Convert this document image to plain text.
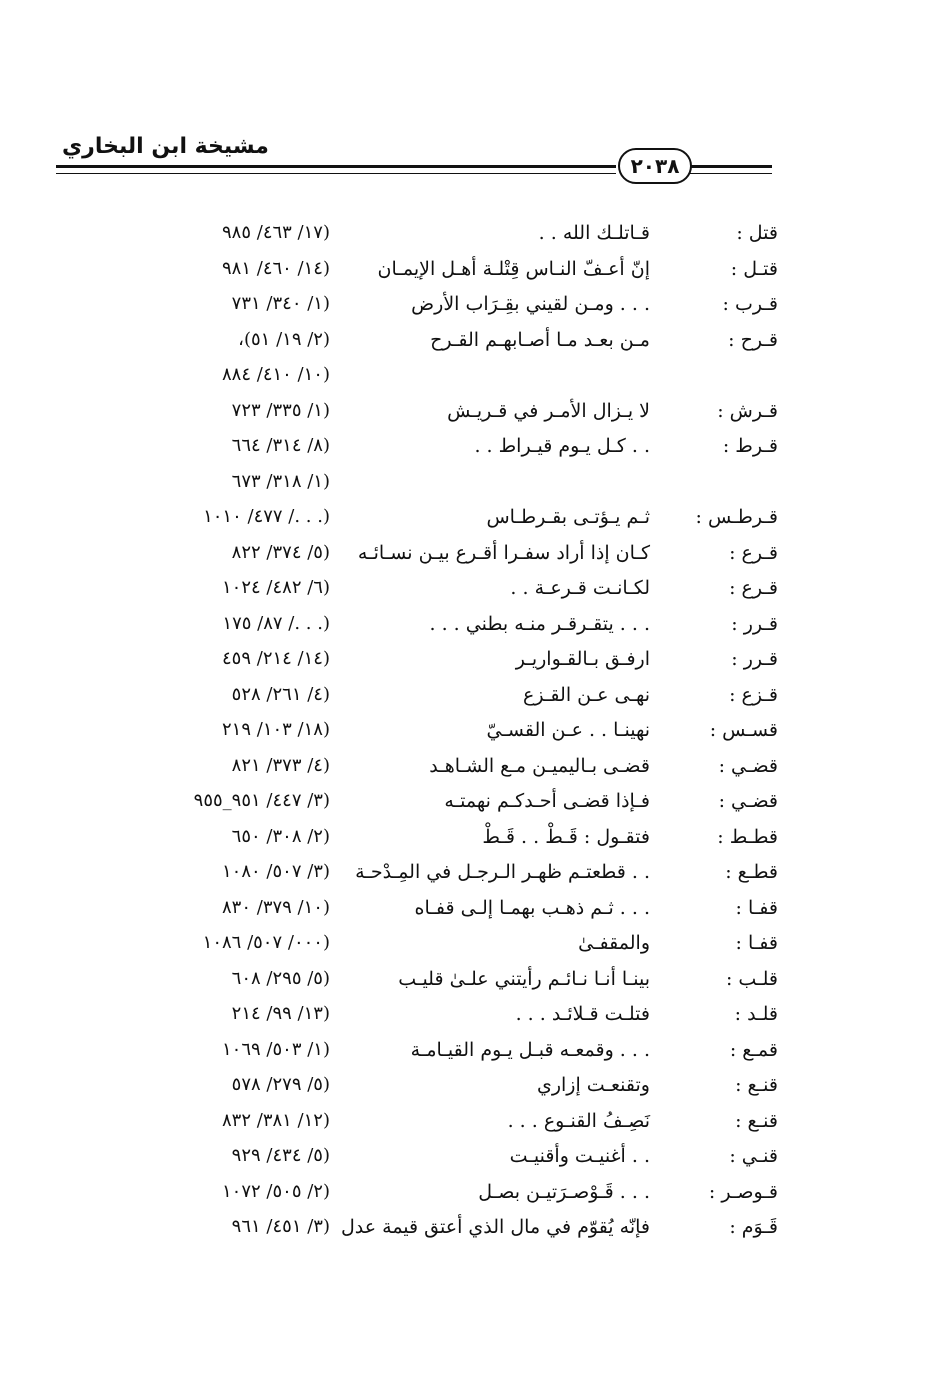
مشيخة ابن البخاري
٢٠٣٨
قتل :
قـاتلـك الله . .
(١٧/ ٤٦٣/ ٩٨٥
قتـل :
إنّ أعـفّ النـاس قِتْلـة أهـل الإيمـان
(١٤/ ٤٦٠/ ٩٨١
قـرب :
. . . ومـن لقيني بقِـرَاب الأرض
(١/ ٣٤٠/ ٧٣١
قـرح :
مـن بعـد مـا أصـابهـم القـرح
(٢/ ١٩/ ٥١)،
(١٠/ ٤١٠/ ٨٨٤
قـرش :
لا يـزال الأمـر في قـريـش
(١/ ٣٣٥/ ٧٢٣
قـرط :
. . كـل يـوم قيـراط . .
(٨/ ٣١٤/ ٦٦٤
(١/ ٣١٨/ ٦٧٣
قـرطـس :
ثـم يـؤتـى بقـرطـاس
(. . ./ ٤٧٧/ ١٠١٠
قـرع :
كـان إذا أراد سفـرا أقـرع بيـن نسـائـه
(٥/ ٣٧٤/ ٨٢٢
قـرع :
لكـانـت قـرعـة . .
(٦/ ٤٨٢/ ١٠٢٤
قـرر :
. . . يتقـرقـر منـه بطني . . .
(. . ./ ٨٧/ ١٧٥
قـرر :
ارفـق بـالقـواريـر
(١٤/ ٢١٤/ ٤٥٩
قـزع :
نهـى عـن القـزع
(٤/ ٢٦١/ ٥٢٨
قسـس :
نهينـا . . عـن القسـيّ
(١٨/ ١٠٣/ ٢١٩
قضـي :
قضـى بـاليميـن مـع الشـاهـد
(٤/ ٣٧٣/ ٨٢١
قضـي :
فـإذا قضـى أحـدكـم نهمتـه
(٣/ ٤٤٧/ ٩٥١_٩٥٥
قطـط :
فتقـول : قَـطْ . . قَـطْ
(٢/ ٣٠٨/ ٦٥٠
قطـع :
. . قطعتـم ظهـر الـرجـل في المِـدْحـة
(٣/ ٥٠٧/ ١٠٨٠
قفـا :
. . . ثـم ذهـب بهمـا إلـى قفـاه
(١٠/ ٣٧٩/ ٨٣٠
قفـا :
والمقفـىٰ
(٠٠٠/ ٥٠٧/ ١٠٨٦
قلـب :
بينـا أنـا نـائـم رأيتني علـىٰ قليـب
(٥/ ٢٩٥/ ٦٠٨
قلـد :
فتلـت قـلائـد . . .
(١٣/ ٩٩/ ٢١٤
قمـع :
. . . وقمعـه قبـل يـوم القيـامـة
(١/ ٥٠٣/ ١٠٦٩
قنـع :
وتقنعـت إزاري
(٥/ ٢٧٩/ ٥٧٨
قنـع :
نَصِـفُ القنـوع . . .
(١٢/ ٣٨١/ ٨٣٢
قنـي :
. . أغنيـت وأقنيـت
(٥/ ٤٣٤/ ٩٢٩
قـوصـر :
. . . قَـوْصـرَتيـن بصـل
(٢/ ٥٠٥/ ١٠٧٢
قَـوَم :
فإنّه يُقوّم في مال الذي أعتق قيمة عدل
(٣/ ٤٥١/ ٩٦١
